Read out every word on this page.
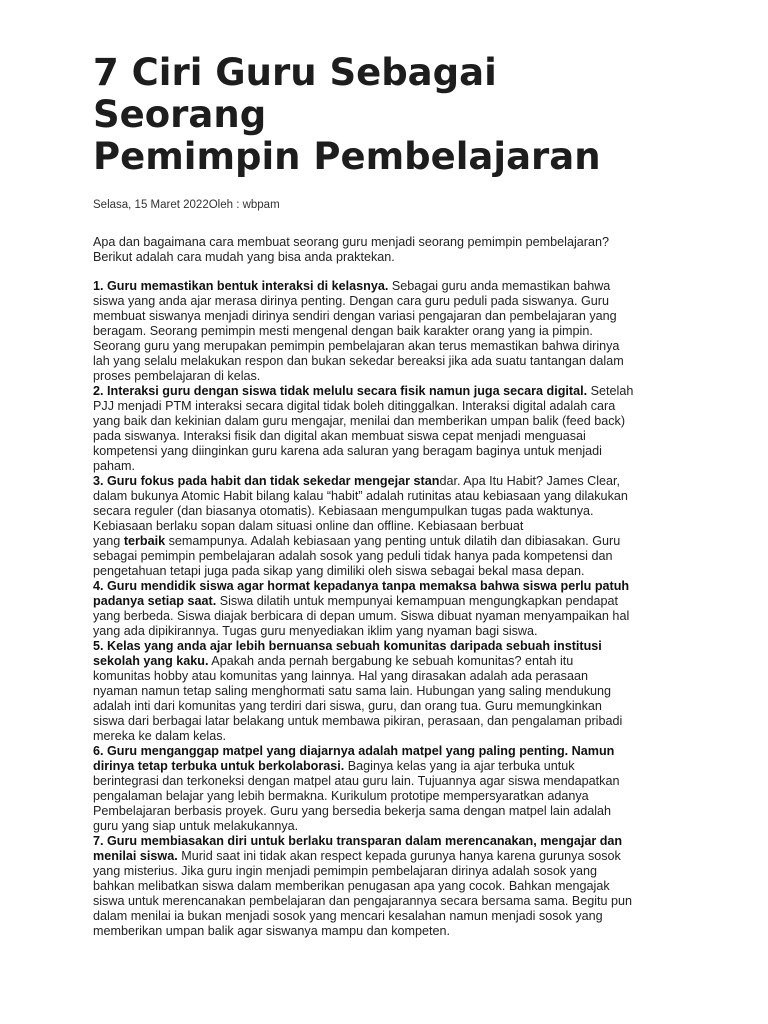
7 Ciri Guru Sebagai
Seorang
Pemimpin Pembelajaran
Selasa, 15 Maret 2022Oleh : wbpam
Apa dan bagaimana cara membuat seorang guru menjadi seorang pemimpin pembelajaran?
Berikut adalah cara mudah yang bisa anda praktekan.
1. Guru memastikan bentuk interaksi di kelasnya. Sebagai guru anda memastikan bahwa
siswa yang anda ajar merasa dirinya penting. Dengan cara guru peduli pada siswanya. Guru
membuat siswanya menjadi dirinya sendiri dengan variasi pengajaran dan pembelajaran yang
beragam. Seorang pemimpin mesti mengenal dengan baik karakter orang yang ia pimpin.
Seorang guru yang merupakan pemimpin pembelajaran akan terus memastikan bahwa dirinya
lah yang selalu melakukan respon dan bukan sekedar bereaksi jika ada suatu tantangan dalam
proses pembelajaran di kelas.
2. Interaksi guru dengan siswa tidak melulu secara fisik namun juga secara digital. Setelah
PJJ menjadi PTM interaksi secara digital tidak boleh ditinggalkan. Interaksi digital adalah cara
yang baik dan kekinian dalam guru mengajar, menilai dan memberikan umpan balik (feed back)
pada siswanya. Interaksi fisik dan digital akan membuat siswa cepat menjadi menguasai
kompetensi yang diinginkan guru karena ada saluran yang beragam baginya untuk menjadi
paham.
3. Guru fokus pada habit dan tidak sekedar mengejar standar. Apa Itu Habit? James Clear,
dalam bukunya Atomic Habit bilang kalau “habit” adalah rutinitas atau kebiasaan yang dilakukan
secara reguler (dan biasanya otomatis). Kebiasaan mengumpulkan tugas pada waktunya.
Kebiasaan berlaku sopan dalam situasi online dan offline. Kebiasaan berbuat
yang terbaik semampunya. Adalah kebiasaan yang penting untuk dilatih dan dibiasakan. Guru
sebagai pemimpin pembelajaran adalah sosok yang peduli tidak hanya pada kompetensi dan
pengetahuan tetapi juga pada sikap yang dimiliki oleh siswa sebagai bekal masa depan.
4. Guru mendidik siswa agar hormat kepadanya tanpa memaksa bahwa siswa perlu patuh
padanya setiap saat. Siswa dilatih untuk mempunyai kemampuan mengungkapkan pendapat
yang berbeda. Siswa diajak berbicara di depan umum. Siswa dibuat nyaman menyampaikan hal
yang ada dipikirannya. Tugas guru menyediakan iklim yang nyaman bagi siswa.
5. Kelas yang anda ajar lebih bernuansa sebuah komunitas daripada sebuah institusi
sekolah yang kaku. Apakah anda pernah bergabung ke sebuah komunitas? entah itu
komunitas hobby atau komunitas yang lainnya. Hal yang dirasakan adalah ada perasaan
nyaman namun tetap saling menghormati satu sama lain. Hubungan yang saling mendukung
adalah inti dari komunitas yang terdiri dari siswa, guru, dan orang tua. Guru memungkinkan
siswa dari berbagai latar belakang untuk membawa pikiran, perasaan, dan pengalaman pribadi
mereka ke dalam kelas.
6. Guru menganggap matpel yang diajarnya adalah matpel yang paling penting. Namun
dirinya tetap terbuka untuk berkolaborasi. Baginya kelas yang ia ajar terbuka untuk
berintegrasi dan terkoneksi dengan matpel atau guru lain. Tujuannya agar siswa mendapatkan
pengalaman belajar yang lebih bermakna. Kurikulum prototipe mempersyaratkan adanya
Pembelajaran berbasis proyek. Guru yang bersedia bekerja sama dengan matpel lain adalah
guru yang siap untuk melakukannya.
7. Guru membiasakan diri untuk berlaku transparan dalam merencanakan, mengajar dan
menilai siswa. Murid saat ini tidak akan respect kepada gurunya hanya karena gurunya sosok
yang misterius. Jika guru ingin menjadi pemimpin pembelajaran dirinya adalah sosok yang
bahkan melibatkan siswa dalam memberikan penugasan apa yang cocok. Bahkan mengajak
siswa untuk merencanakan pembelajaran dan pengajarannya secara bersama sama. Begitu pun
dalam menilai ia bukan menjadi sosok yang mencari kesalahan namun menjadi sosok yang
memberikan umpan balik agar siswanya mampu dan kompeten.
